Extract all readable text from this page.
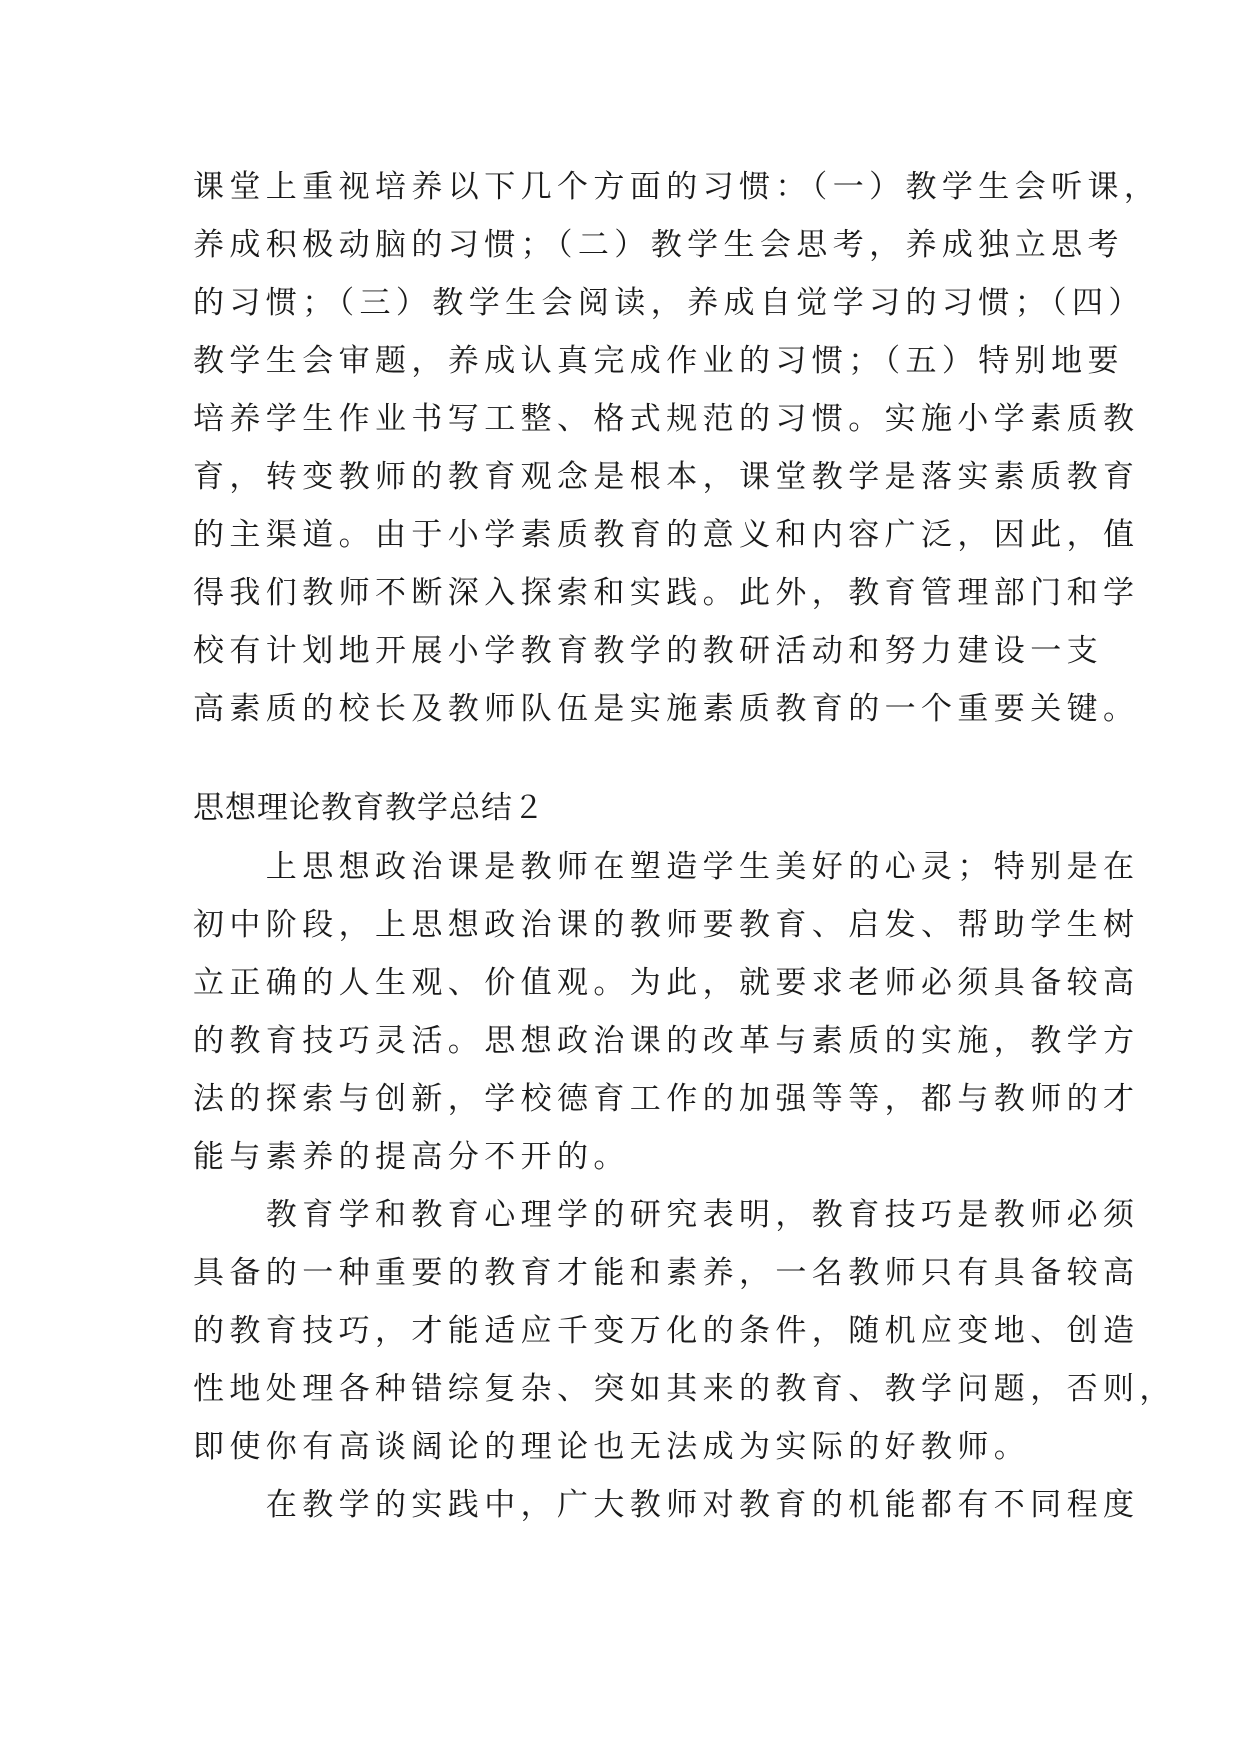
课堂上重视培养以下几个方面的习惯：（一）教学生会听课，
养成积极动脑的习惯；（二）教学生会思考，养成独立思考
的习惯；（三）教学生会阅读，养成自觉学习的习惯；（四）
教学生会审题，养成认真完成作业的习惯；（五）特别地要
培养学生作业书写工整、格式规范的习惯。实施小学素质教
育，转变教师的教育观念是根本，课堂教学是落实素质教育
的主渠道。由于小学素质教育的意义和内容广泛，因此，值
得我们教师不断深入探索和实践。此外，教育管理部门和学
校有计划地开展小学教育教学的教研活动和努力建设一支
高素质的校长及教师队伍是实施素质教育的一个重要关键。
思想理论教育教学总结２
　　上思想政治课是教师在塑造学生美好的心灵；特别是在
初中阶段，上思想政治课的教师要教育、启发、帮助学生树
立正确的人生观、价值观。为此，就要求老师必须具备较高
的教育技巧灵活。思想政治课的改革与素质的实施，教学方
法的探索与创新，学校德育工作的加强等等，都与教师的才
能与素养的提高分不开的。
　　教育学和教育心理学的研究表明，教育技巧是教师必须
具备的一种重要的教育才能和素养，一名教师只有具备较高
的教育技巧，才能适应千变万化的条件，随机应变地、创造
性地处理各种错综复杂、突如其来的教育、教学问题，否则，
即使你有高谈阔论的理论也无法成为实际的好教师。
　　在教学的实践中，广大教师对教育的机能都有不同程度
